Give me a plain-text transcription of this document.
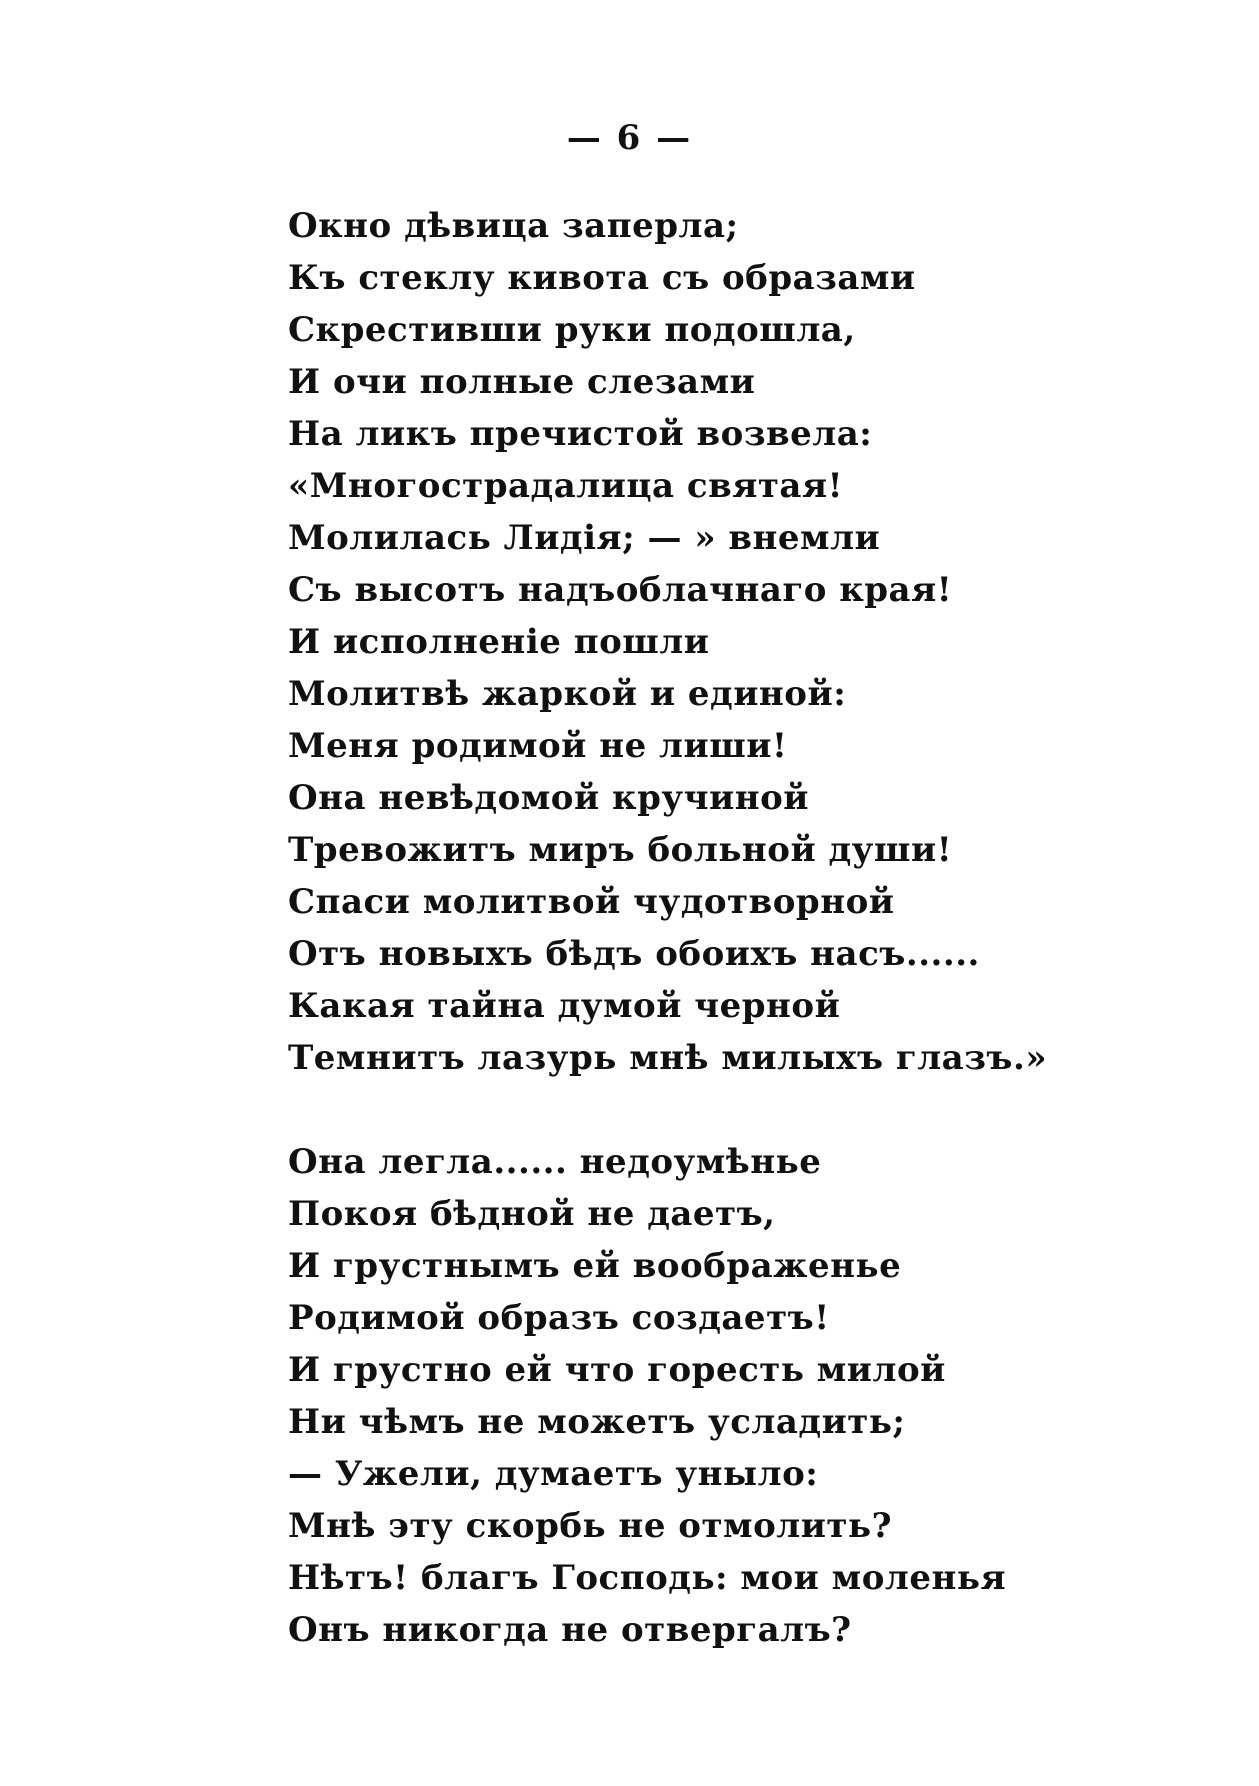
— 6 —
Окно дѣвица заперла;
Къ стеклу кивота съ образами
Скрестивши руки подошла,
И очи полные слезами
На ликъ пречистой возвела:
«Многострадалица святая!
Молилась Лидія; — » внемли
Съ высотъ надъоблачнаго края!
И исполненіе пошли
Молитвѣ жаркой и единой:
Меня родимой не лиши!
Она невѣдомой кручиной
Тревожитъ миръ больной души!
Спаси молитвой чудотворной
Отъ новыхъ бѣдъ обоихъ насъ......
Какая тайна думой черной
Темнитъ лазурь мнѣ милыхъ глазъ.»
Она легла...... недоумѣнье
Покоя бѣдной не даетъ,
И грустнымъ ей воображенье
Родимой образъ создаетъ!
И грустно ей что горесть милой
Ни чѣмъ не можетъ усладить;
— Ужели, думаетъ уныло:
Мнѣ эту скорбь не отмолить?
Нѣтъ! благъ Господь: мои моленья
Онъ никогда не отвергалъ?
